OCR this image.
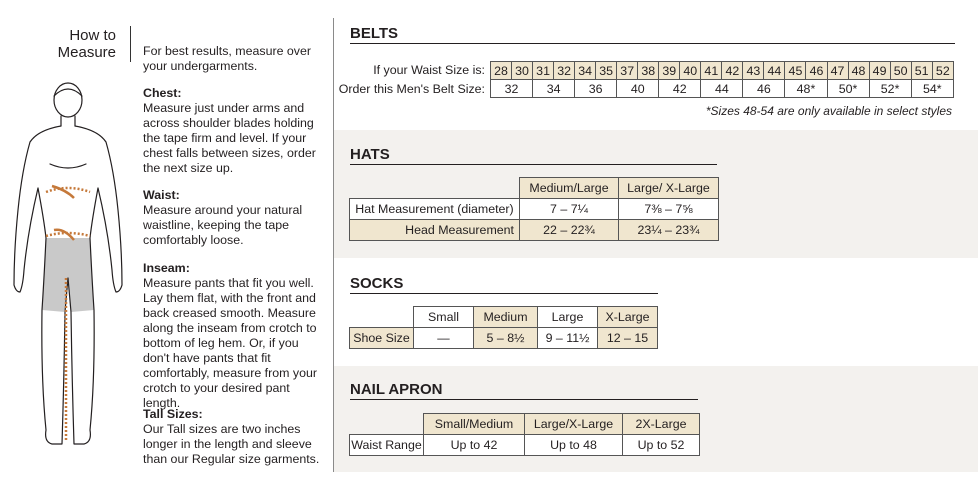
How to
Measure For best results, measure over your undergarments.
Chest:
Measure just under arms and across shoulder blades holding the tape firm and level. If your chest falls between sizes, order the next size up.
Waist:
Measure around your natural waistline, keeping the tape comfortably loose.
Inseam:
Measure pants that fit you well. Lay them flat, with the front and back creased smooth. Measure along the inseam from crotch to bottom of leg hem. Or, if you don't have pants that fit comfortably, measure from your crotch to your desired pant length.
Tall Sizes:
Our Tall sizes are two inches longer in the length and sleeve than our Regular size garments.
BELTS
If your Waist Size is:
Order this Men's Belt Size:
28	30	31	32	34	35	37	38	39	40	41	42	43	44	45	46	47	48	49	50	51	52
32		34		36		40		42		44		46		48*		50*		52*		54*	
*Sizes 48-54 are only available in select styles
HATS
	Medium/Large	Large/ X-Large
Hat Measurement (diameter)	7 – 7¼	7⅜ – 7⅝
Head Measurement	22 – 22¾	23¼ – 23¾
SOCKS
	Small	Medium	Large	X-Large
Shoe Size	—	5 – 8½	9 – 11½	12 – 15
NAIL APRON
	Small/Medium	Large/X-Large	2X-Large
Waist Range	Up to 42	Up to 48	Up to 52
